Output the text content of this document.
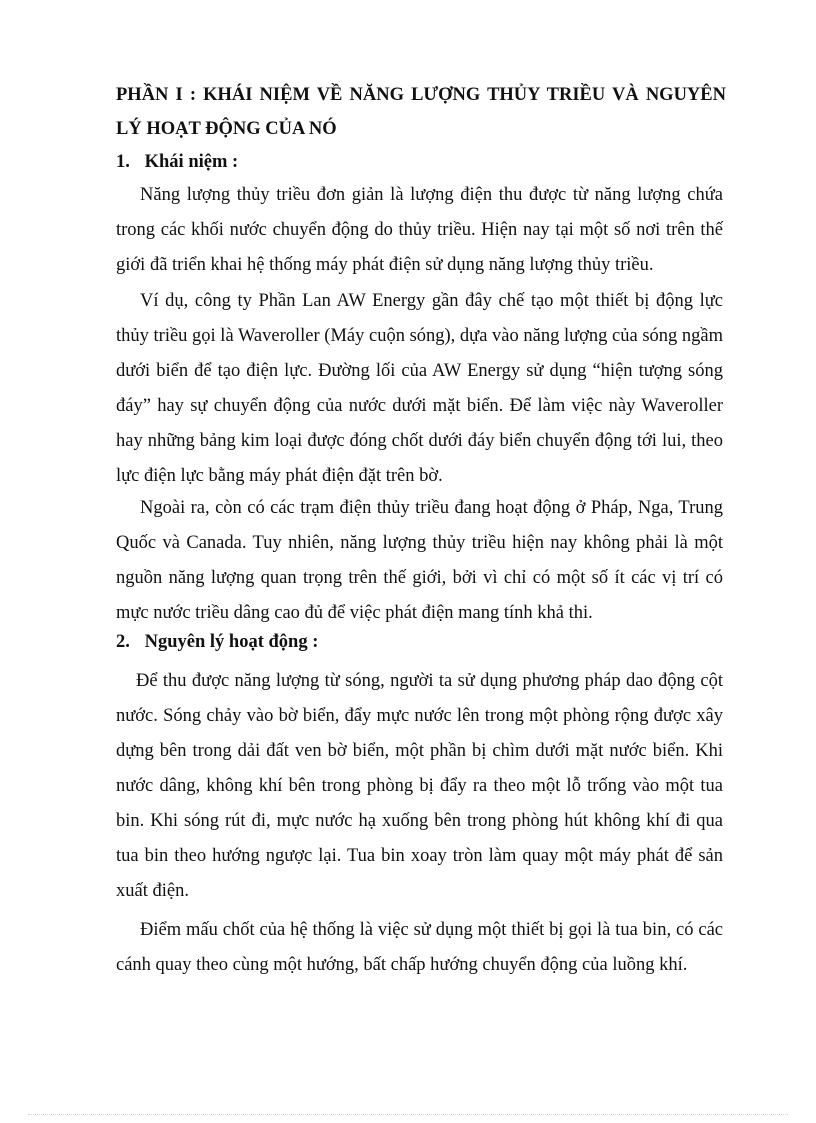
PHẦN I : KHÁI NIỆM VỀ NĂNG LƯỢNG THỦY TRIỀU VÀ NGUYÊN LÝ HOẠT ĐỘNG CỦA NÓ
1. Khái niệm :

Năng lượng thủy triều đơn giản là lượng điện thu được từ năng lượng chứa trong các khối nước chuyển động do thủy triều. Hiện nay tại một số nơi trên thế giới đã triển khai hệ thống máy phát điện sử dụng năng lượng thủy triều.

Ví dụ, công ty Phần Lan AW Energy gần đây chế tạo một thiết bị động lực thủy triều gọi là Waveroller (Máy cuộn sóng), dựa vào năng lượng của sóng ngầm dưới biển để tạo điện lực. Đường lối của AW Energy sử dụng “hiện tượng sóng đáy” hay sự chuyển động của nước dưới mặt biển. Để làm việc này Waveroller hay những bảng kim loại được đóng chốt dưới đáy biển chuyển động tới lui, theo lực điện lực bằng máy phát điện đặt trên bờ.

Ngoài ra, còn có các trạm điện thủy triều đang hoạt động ở Pháp, Nga, Trung Quốc và Canada. Tuy nhiên, năng lượng thủy triều hiện nay không phải là một nguồn năng lượng quan trọng trên thế giới, bởi vì chỉ có một số ít các vị trí có mực nước triều dâng cao đủ để việc phát điện mang tính khả thi.

2. Nguyên lý hoạt động :

Để thu được năng lượng từ sóng, người ta sử dụng phương pháp dao động cột nước. Sóng chảy vào bờ biển, đẩy mực nước lên trong một phòng rộng được xây dựng bên trong dải đất ven bờ biển, một phần bị chìm dưới mặt nước biển. Khi nước dâng, không khí bên trong phòng bị đẩy ra theo một lỗ trống vào một tua bin. Khi sóng rút đi, mực nước hạ xuống bên trong phòng hút không khí đi qua tua bin theo hướng ngược lại. Tua bin xoay tròn làm quay một máy phát để sản xuất điện.

Điểm mấu chốt của hệ thống là việc sử dụng một thiết bị gọi là tua bin, có các cánh quay theo cùng một hướng, bất chấp hướng chuyển động của luồng khí.
